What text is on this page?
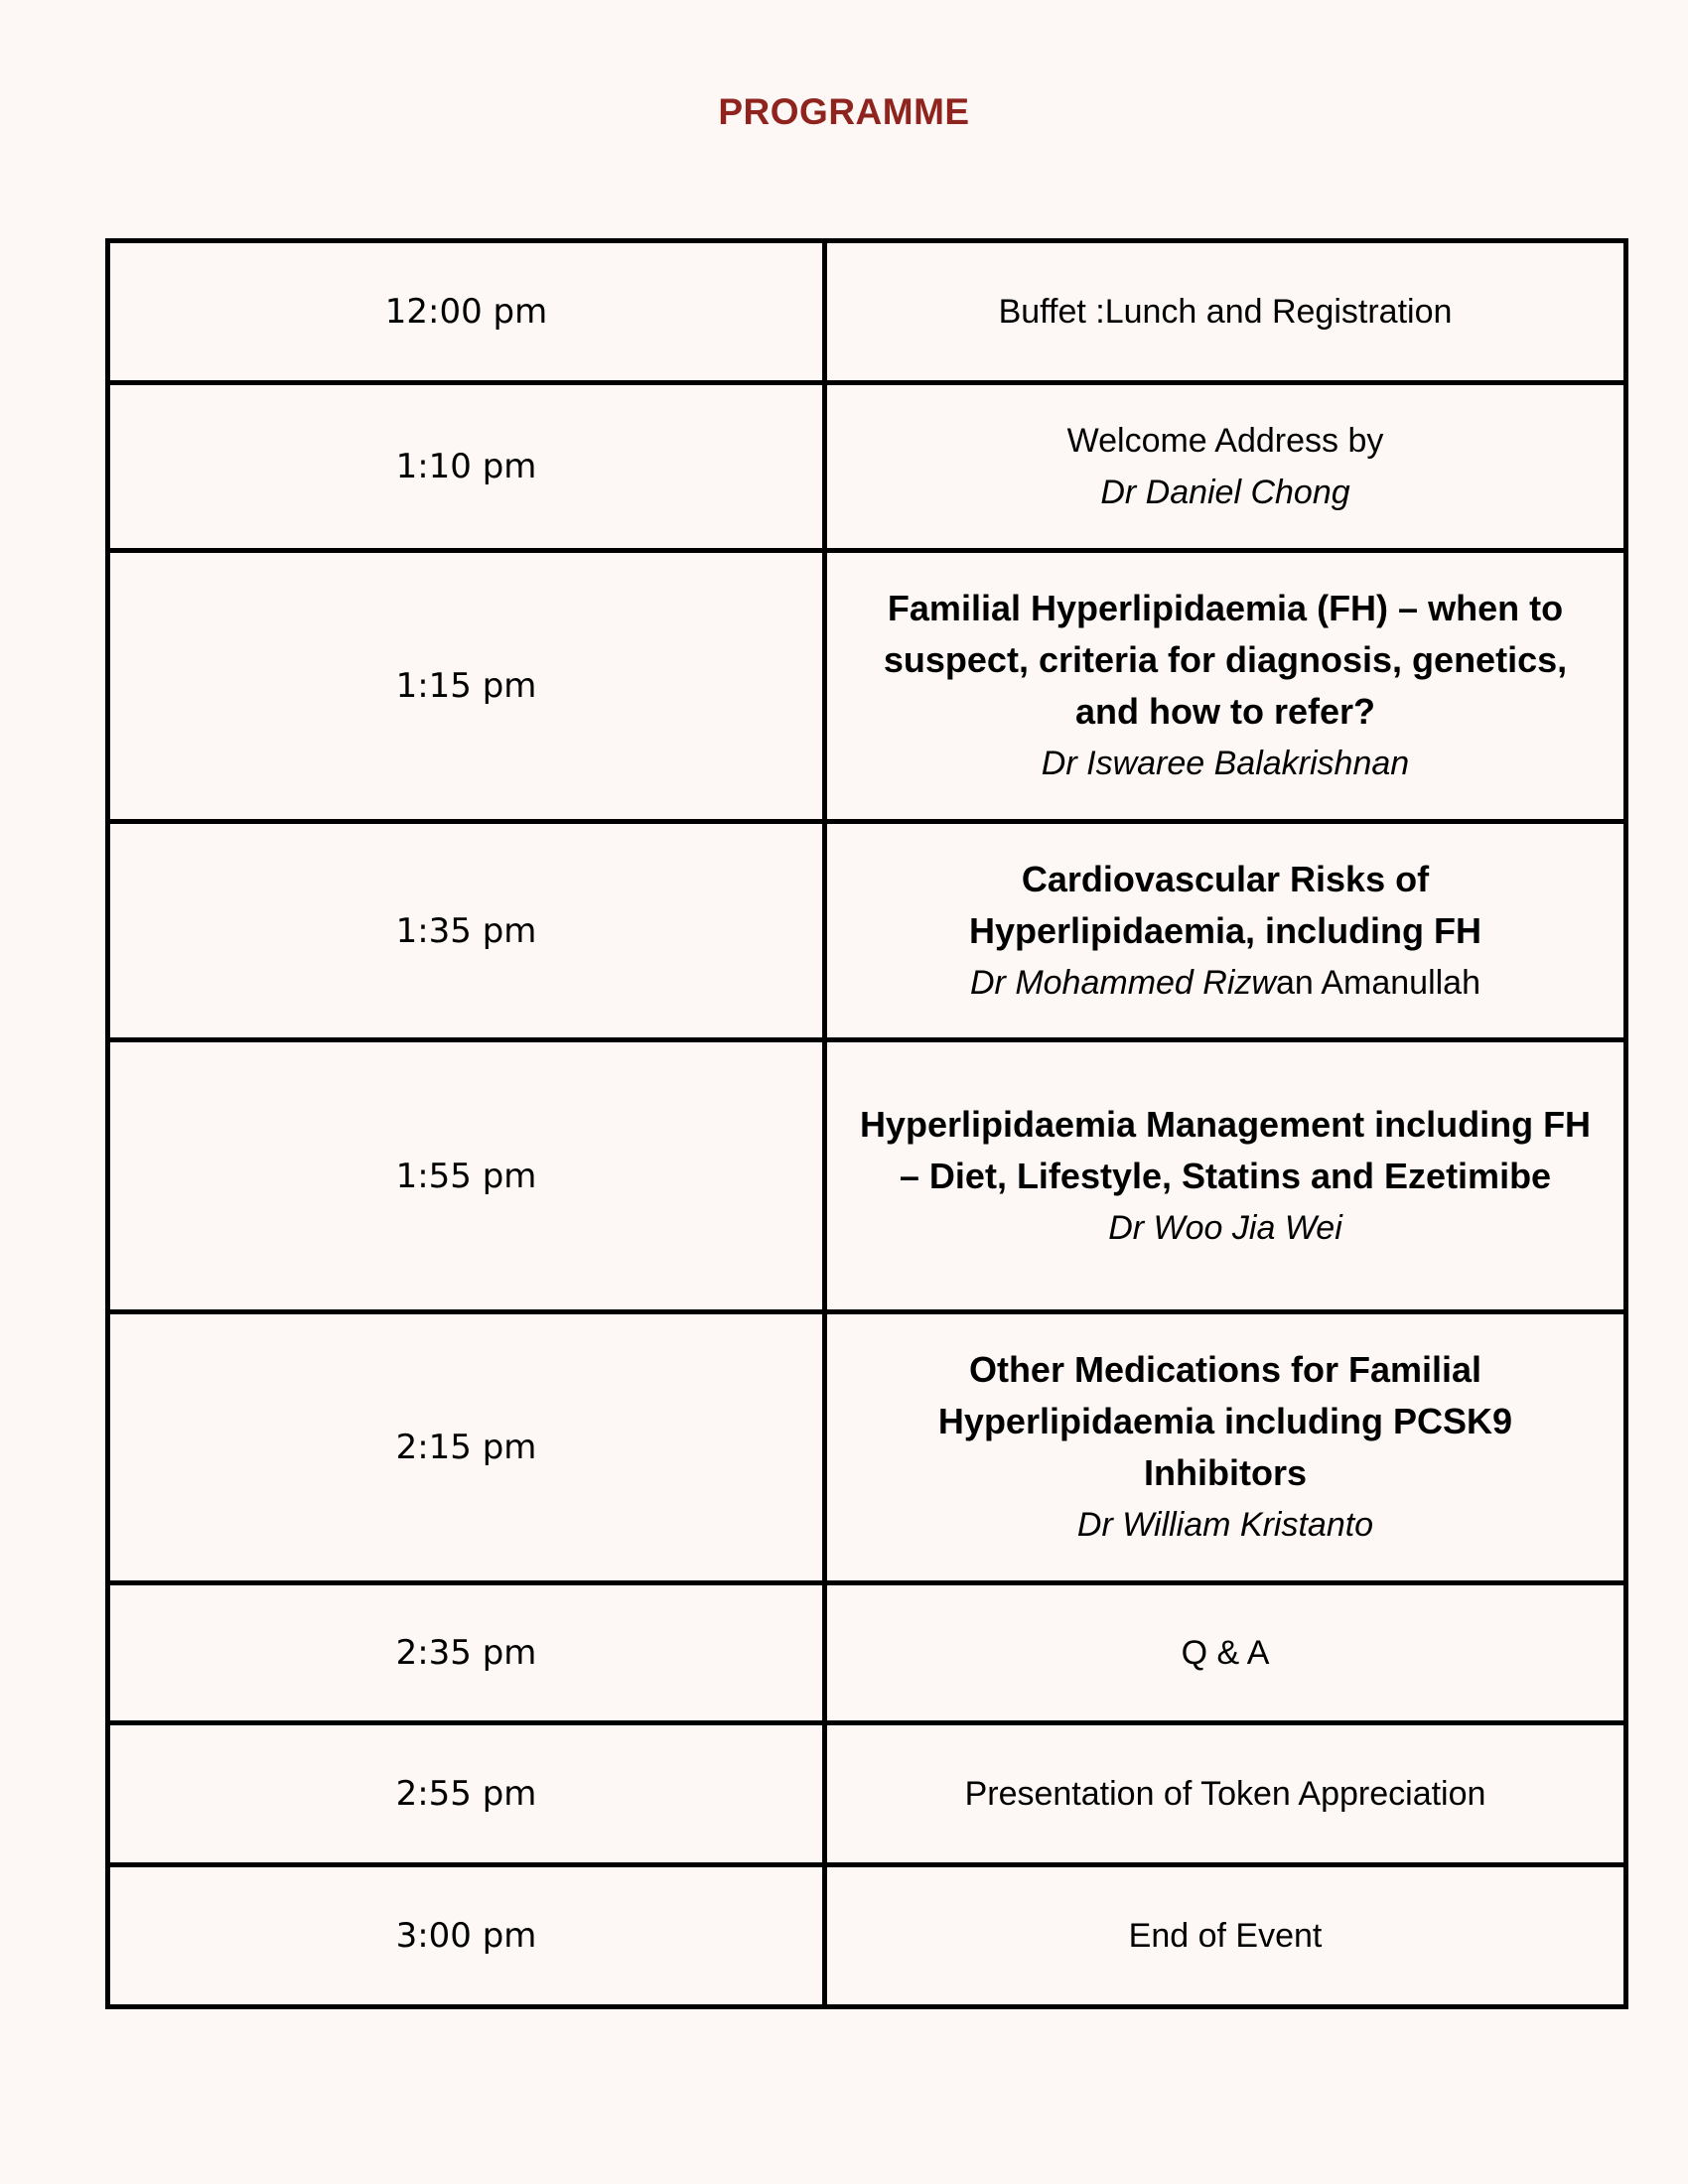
PROGRAMME
12:00 pm	Buffet :Lunch and Registration

1:10 pm	Welcome Address by
Dr Daniel Chong

1:15 pm	Familial Hyperlipidaemia (FH) – when to suspect, criteria for diagnosis, genetics, and how to refer?
Dr Iswaree Balakrishnan

1:35 pm	Cardiovascular Risks of Hyperlipidaemia, including FH
Dr Mohammed Rizwan Amanullah

1:55 pm	Hyperlipidaemia Management including FH – Diet, Lifestyle, Statins and Ezetimibe
Dr Woo Jia Wei

2:15 pm	Other Medications for Familial Hyperlipidaemia including PCSK9 Inhibitors
Dr William Kristanto

2:35 pm	Q & A

2:55 pm	Presentation of Token Appreciation

3:00 pm	End of Event
